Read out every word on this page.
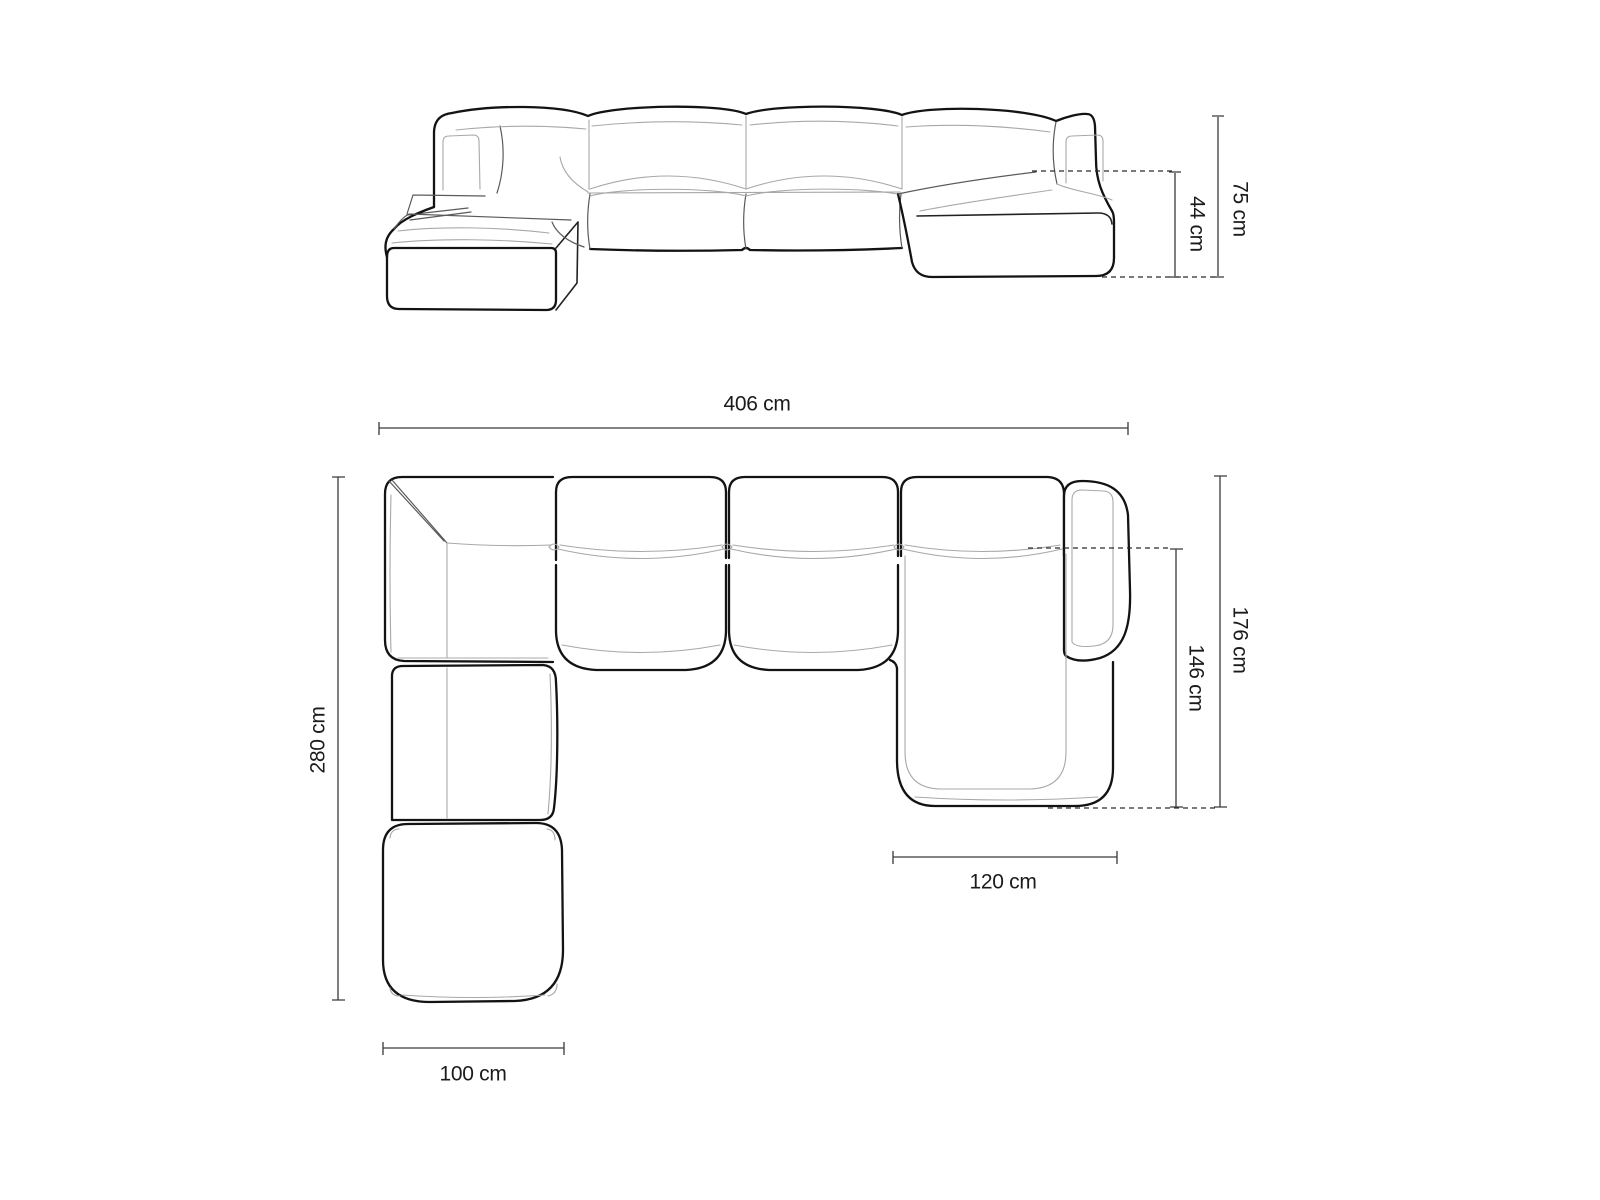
44 cm 75 cm
406 cm
280 cm
176 cm
146 cm
120 cm
100 cm
